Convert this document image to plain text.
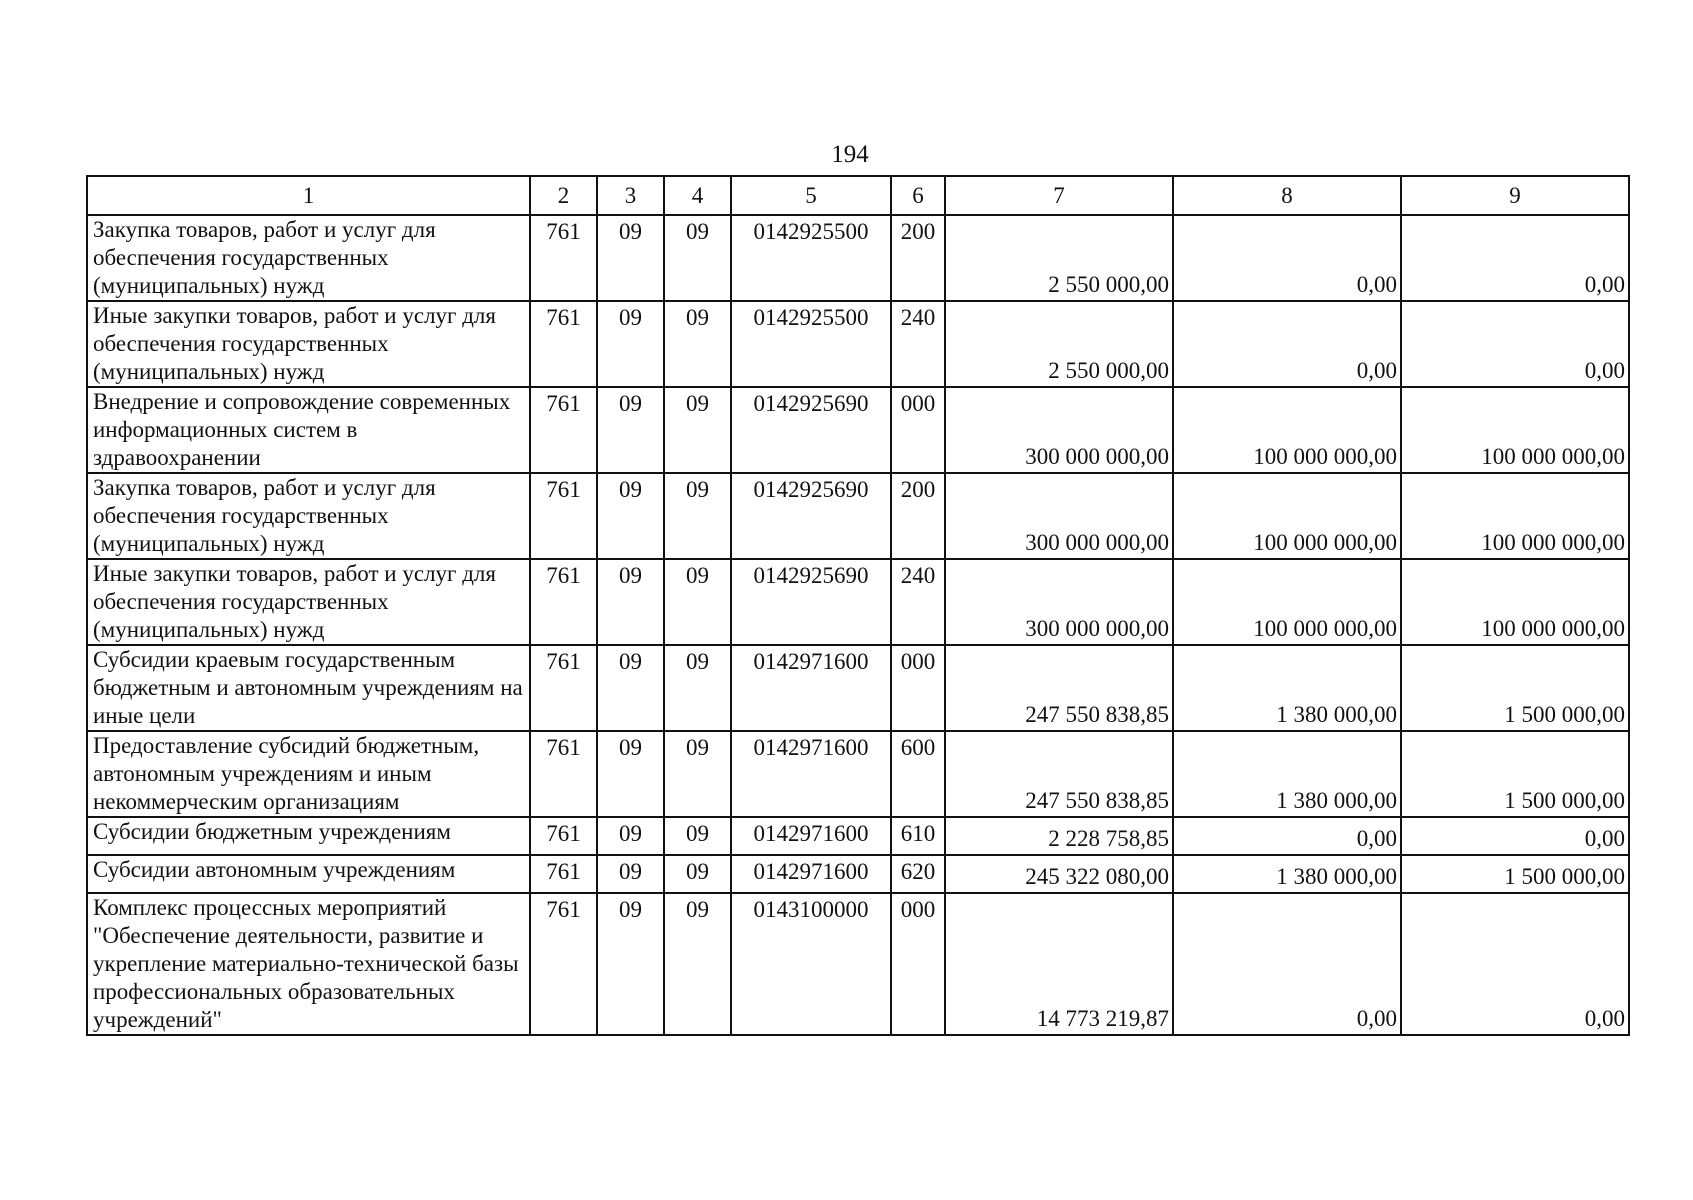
194
1	2	3	4	5	6	7	8	9
Закупка товаров, работ и услуг для обеспечения государственных (муниципальных) нужд	761	09	09	0142925500	200	2 550 000,00	0,00	0,00
Иные закупки товаров, работ и услуг для обеспечения государственных (муниципальных) нужд	761	09	09	0142925500	240	2 550 000,00	0,00	0,00
Внедрение и сопровождение современных информационных систем в здравоохранении	761	09	09	0142925690	000	300 000 000,00	100 000 000,00	100 000 000,00
Закупка товаров, работ и услуг для обеспечения государственных (муниципальных) нужд	761	09	09	0142925690	200	300 000 000,00	100 000 000,00	100 000 000,00
Иные закупки товаров, работ и услуг для обеспечения государственных (муниципальных) нужд	761	09	09	0142925690	240	300 000 000,00	100 000 000,00	100 000 000,00
Субсидии краевым государственным бюджетным и автономным учреждениям на иные цели	761	09	09	0142971600	000	247 550 838,85	1 380 000,00	1 500 000,00
Предоставление субсидий бюджетным, автономным учреждениям и иным некоммерческим организациям	761	09	09	0142971600	600	247 550 838,85	1 380 000,00	1 500 000,00
Субсидии бюджетным учреждениям	761	09	09	0142971600	610	2 228 758,85	0,00	0,00
Субсидии автономным учреждениям	761	09	09	0142971600	620	245 322 080,00	1 380 000,00	1 500 000,00
Комплекс процессных мероприятий "Обеспечение деятельности, развитие и укрепление материально-технической базы профессиональных образовательных учреждений"	761	09	09	0143100000	000	14 773 219,87	0,00	0,00
